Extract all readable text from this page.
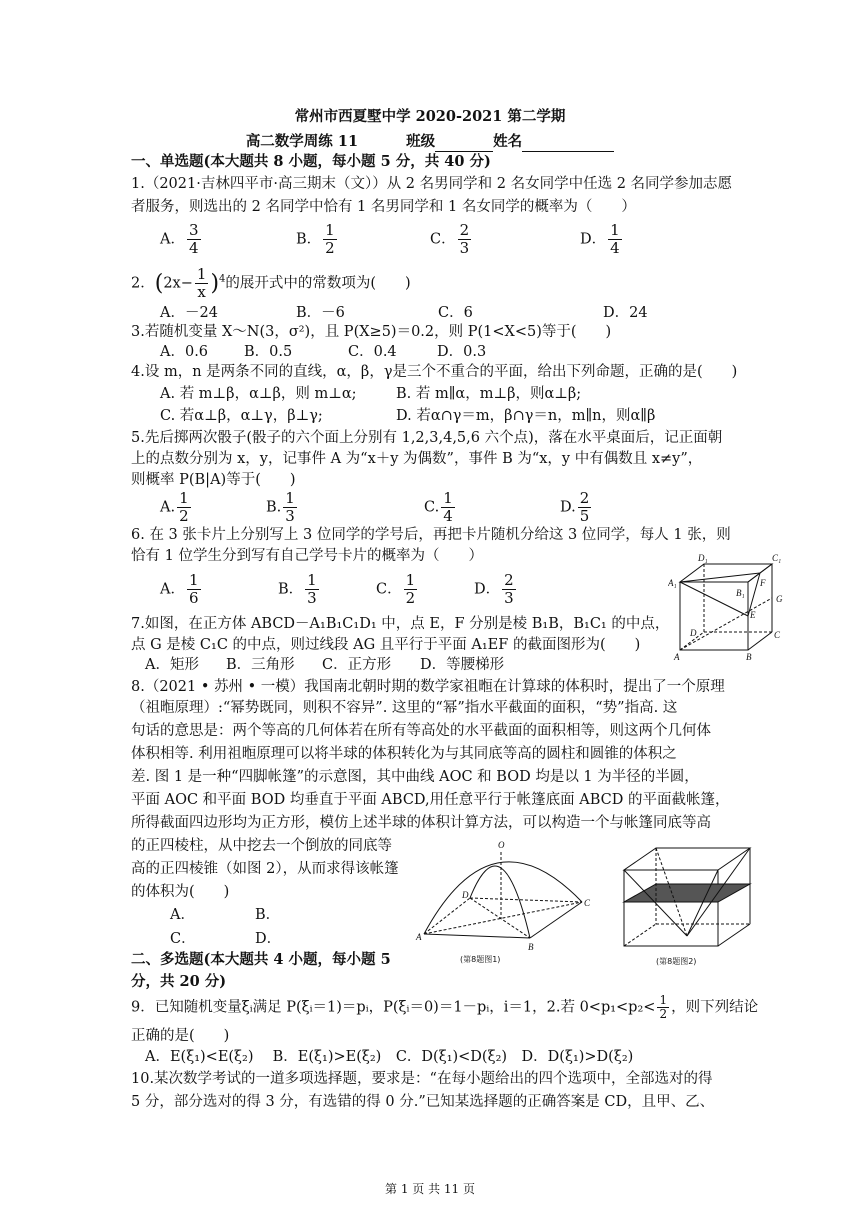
常州市西夏墅中学 2020-2021 第二学期
高二数学周练 11	班级	姓名
一、单选题(本大题共 8 小题，每小题 5 分，共 40 分)
1.（2021·吉林四平市·高三期末（文））从 2 名男同学和 2 名女同学中任选 2 名同学参加志愿
者服务，则选出的 2 名同学中恰有 1 名男同学和 1 名女同学的概率为（　　）
A． $\frac{3}{4}$	B． $\frac{1}{2}$	C． $\frac{2}{3}$	D． $\frac{1}{4}$
2．$(2x- \frac{1}{x} )^4$的展开式中的常数项为(　　)
A．－24	B．－6	C．6	D．24
3.若随机变量 X～N(3，σ²)，且 P(X≥5)＝0.2，则 P(1<X<5)等于(　　)
A．0.6 B．0.5	C．0.4	D．0.3
4.设 m，n 是两条不同的直线，α，β，γ是三个不重合的平面，给出下列命题，正确的是(　　)
A. 若 m⊥β，α⊥β，则 m⊥α;	B. 若 m∥α，m⊥β，则α⊥β;
C. 若α⊥β，α⊥γ，β⊥γ;	D. 若α∩γ＝m，β∩γ＝n，m∥n，则α∥β
5.先后掷两次骰子(骰子的六个面上分别有 1,2,3,4,5,6 六个点)，落在水平桌面后，记正面朝
上的点数分别为 x，y，记事件 A 为“x＋y 为偶数”，事件 B 为“x，y 中有偶数且 x≠y”，
则概率 P(B|A)等于(　　)
A. $\frac{1}{2}$	B. $\frac{1}{3}$	C. $\frac{1}{4}$	D. $\frac{2}{5}$
6. 在 3 张卡片上分别写上 3 位同学的学号后，再把卡片随机分给这 3 位同学，每人 1 张，则
恰有 1 位学生分到写有自己学号卡片的概率为（　　）
A． $\frac{1}{6}$	B． $\frac{1}{3}$	C． $\frac{1}{2}$	D． $\frac{2}{3}$
D₁	C₁
A₁
B₁
F
G
E
D	C
A	B
7.如图，在正方体 ABCD－A₁B₁C₁D₁ 中，点 E，F 分别是棱 B₁B，B₁C₁ 的中点，
点 G 是棱 C₁C 的中点，则过线段 AG 且平行于平面 A₁EF 的截面图形为(　　)
A．矩形 B．三角形 C．正方形 D．等腰梯形
8.（2021 • 苏州 • 一模）我国南北朝时期的数学家祖暅在计算球的体积时，提出了一个原理
（祖暅原理）:“幂势既同，则积不容异”. 这里的“幂”指水平截面的面积，“势”指高. 这
句话的意思是：两个等高的几何体若在所有等高处的水平截面的面积相等，则这两个几何体
体积相等. 利用祖暅原理可以将半球的体积转化为与其同底等高的圆柱和圆锥的体积之
差. 图 1 是一种“四脚帐篷”的示意图，其中曲线 AOC 和 BOD 均是以 1 为半径的半圆，
平面 AOC 和平面 BOD 均垂直于平面 ABCD,用任意平行于帐篷底面 ABCD 的平面截帐篷，
所得截面四边形均为正方形，模仿上述半球的体积计算方法，可以构造一个与帐篷同底等高
的正四棱柱，从中挖去一个倒放的同底等
高的正四棱锥（如图 2），从而求得该帐篷
的体积为(　　)
A．	B．
C．	D．
O
D
C
A
B
(第8题图1)	(第8题图2)
二、多选题(本大题共 4 小题，每小题 5
分，共 20 分)
9．已知随机变量ξᵢ满足 P(ξᵢ＝1)＝pᵢ，P(ξᵢ＝0)＝1－pᵢ，i＝1，2.若 $0<p_1<p_2< \frac{1}{2}$ ，则下列结论
正确的是(　　)
A．E(ξ₁)<E(ξ₂)　 B．E(ξ₁)>E(ξ₂)　C．D(ξ₁)<D(ξ₂)　D．D(ξ₁)>D(ξ₂)
10.某次数学考试的一道多项选择题，要求是：“在每小题给出的四个选项中，全部选对的得
5 分，部分选对的得 3 分，有选错的得 0 分.”已知某选择题的正确答案是 CD，且甲、乙、
第 1 页 共 11 页
